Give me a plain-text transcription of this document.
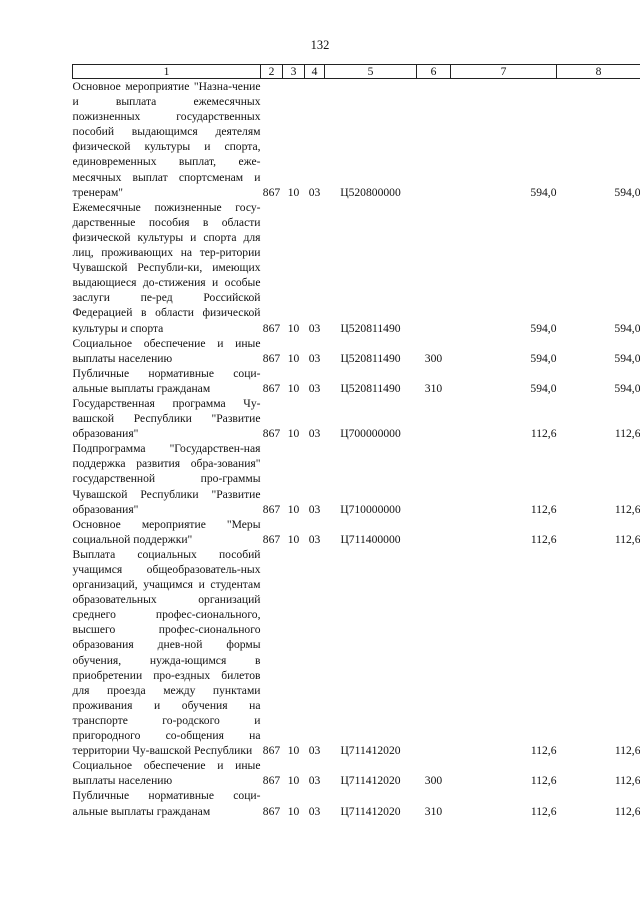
132
1	2	3	4	5	6	7	8
Основное мероприятие "Назна-чение и выплата ежемесячных пожизненных государственных пособий выдающимся деятелям физической культуры и спорта, единовременных выплат, еже-месячных выплат спортсменам и тренерам"	867	10	03	Ц520800000		594,0	594,0
Ежемесячные пожизненные госу-дарственные пособия в области физической культуры и спорта для лиц, проживающих на тер-ритории Чувашской Республи-ки, имеющих выдающиеся до-стижения и особые заслуги пе-ред Российской Федерацией в области физической культуры и спорта	867	10	03	Ц520811490		594,0	594,0
Социальное обеспечение и иные выплаты населению	867	10	03	Ц520811490	300	594,0	594,0
Публичные нормативные соци-альные выплаты гражданам	867	10	03	Ц520811490	310	594,0	594,0
Государственная программа Чу-вашской Республики "Развитие образования"	867	10	03	Ц700000000		112,6	112,6
Подпрограмма "Государствен-ная поддержка развития обра-зования" государственной про-граммы Чувашской Республики "Развитие образования"	867	10	03	Ц710000000		112,6	112,6
Основное мероприятие "Меры социальной поддержки"	867	10	03	Ц711400000		112,6	112,6
Выплата социальных пособий учащимся общеобразователь-ных организаций, учащимся и студентам образовательных организаций среднего профес-сионального, высшего профес-сионального образования днев-ной формы обучения, нужда-ющимся в приобретении про-ездных билетов для проезда между пунктами проживания и обучения на транспорте го-родского и пригородного со-общения на территории Чу-вашской Республики	867	10	03	Ц711412020		112,6	112,6
Социальное обеспечение и иные выплаты населению	867	10	03	Ц711412020	300	112,6	112,6
Публичные нормативные соци-альные выплаты гражданам	867	10	03	Ц711412020	310	112,6	112,6
